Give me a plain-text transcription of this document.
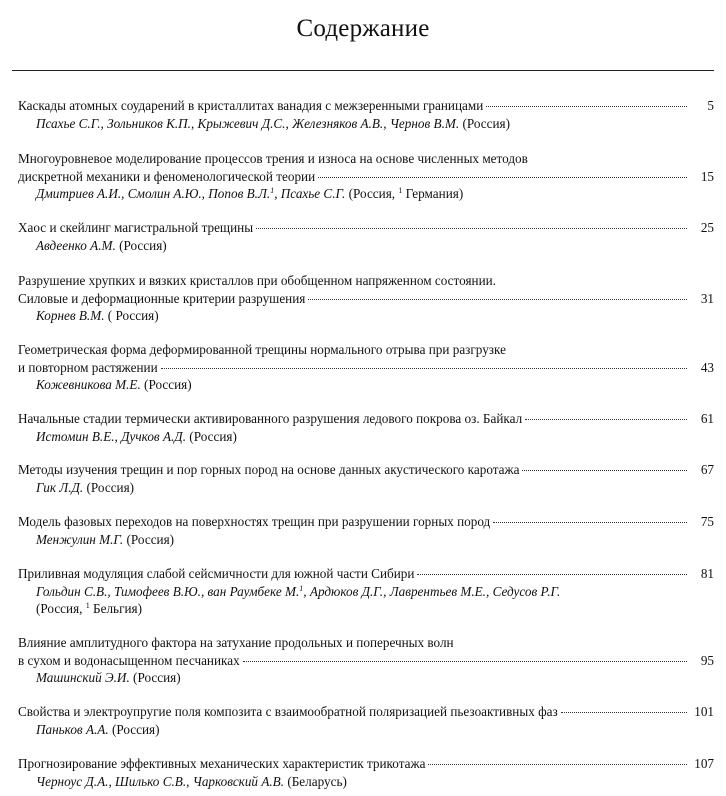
Содержание
Каскады атомных соударений в кристаллитах ванадия с межзеренными границами	5
Псахье С.Г., Зольников К.П., Крыжевич Д.С., Железняков А.В., Чернов В.М. (Россия)
Многоуровневое моделирование процессов трения и износа на основе численных методов
дискретной механики и феноменологической теории	15
Дмитриев А.И., Смолин А.Ю., Попов В.Л.$^1$, Псахье С.Г. (Россия, $^1$ Германия)
Хаос и скейлинг магистральной трещины	25
Авдеенко А.М. (Россия)
Разрушение хрупких и вязких кристаллов при обобщенном напряженном состоянии.
Силовые и деформационные критерии разрушения	31
Корнев В.М. ( Россия)
Геометрическая форма деформированной трещины нормального отрыва при разгрузке
и повторном растяжении	43
Кожевникова М.Е. (Россия)
Начальные стадии термически активированного разрушения ледового покрова оз. Байкал	61
Истомин В.Е., Дучков А.Д. (Россия)
Методы изучения трещин и пор горных пород на основе данных акустического каротажа	67
Гик Л.Д. (Россия)
Модель фазовых переходов на поверхностях трещин при разрушении горных пород	75
Менжулин М.Г. (Россия)
Приливная модуляция слабой сейсмичности для южной части Сибири	81
Гольдин С.В., Тимофеев В.Ю., ван Раумбеке М.$^1$, Ардюков Д.Г., Лаврентьев М.Е., Седусов Р.Г.
(Россия, $^1$ Бельгия)
Влияние амплитудного фактора на затухание продольных и поперечных волн
в сухом и водонасыщенном песчаниках	95
Машинский Э.И. (Россия)
Свойства и электроупругие поля композита с взаимообратной поляризацией пьезоактивных фаз	101
Паньков А.А. (Россия)
Прогнозирование эффективных механических характеристик трикотажа	107
Черноус Д.А., Шилько С.В., Чарковский А.В. (Беларусь)
